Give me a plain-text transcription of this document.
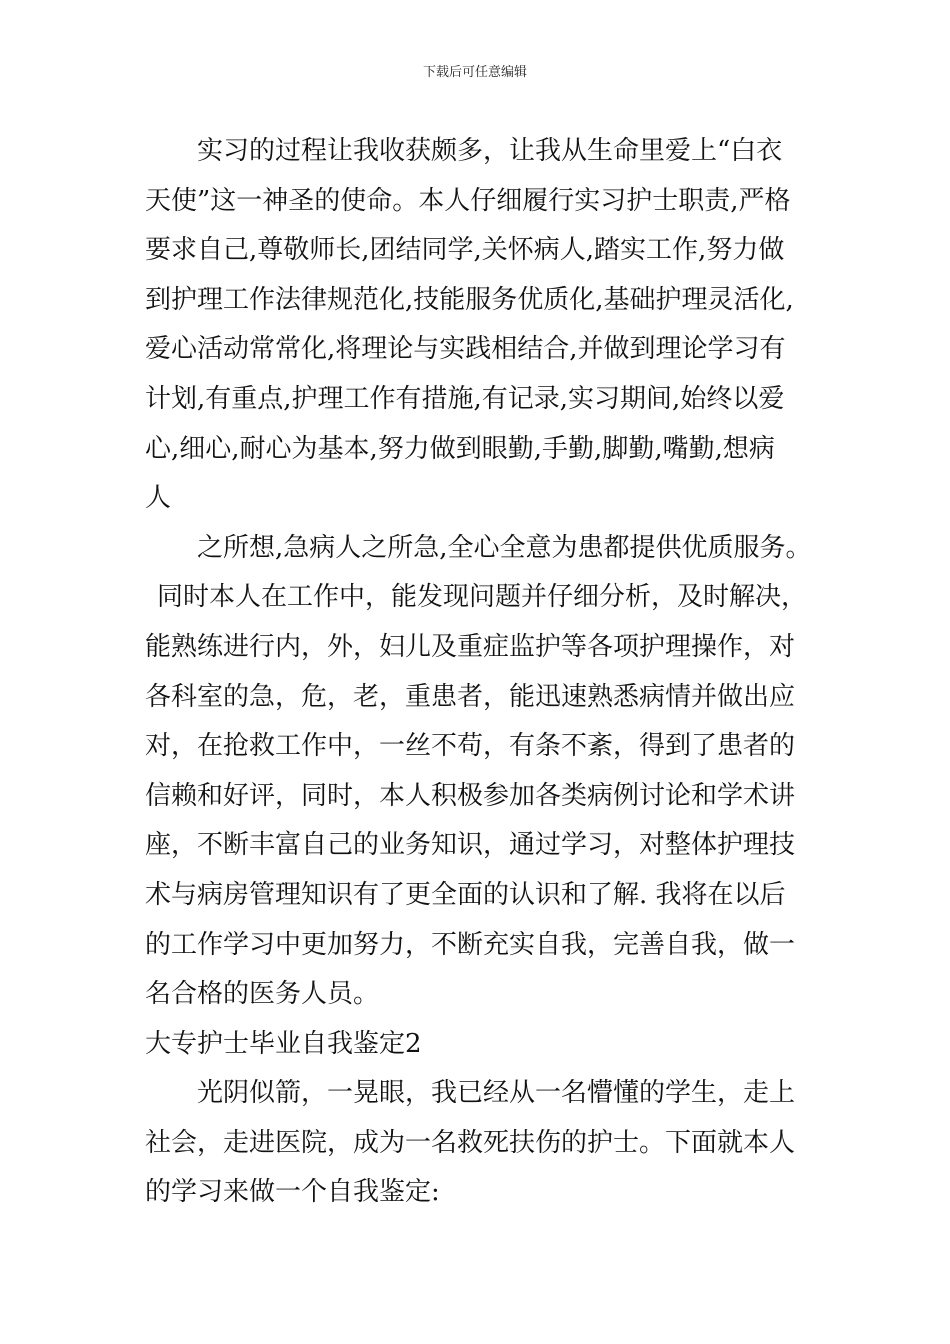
下载后可任意编辑
实习的过程让我收获颇多，让我从生命里爱上“白衣
天使”这一神圣的使命。本人仔细履行实习护士职责,严格
要求自己,尊敬师长,团结同学,关怀病人,踏实工作,努力做
到护理工作法律规范化,技能服务优质化,基础护理灵活化,
爱心活动常常化,将理论与实践相结合,并做到理论学习有
计划,有重点,护理工作有措施,有记录,实习期间,始终以爱
心,细心,耐心为基本,努力做到眼勤,手勤,脚勤,嘴勤,想病
人
之所想,急病人之所急,全心全意为患都提供优质服务。
同时本人在工作中，能发现问题并仔细分析，及时解决，
能熟练进行内，外，妇儿及重症监护等各项护理操作，对
各科室的急，危，老，重患者，能迅速熟悉病情并做出应
对，在抢救工作中，一丝不苟，有条不紊，得到了患者的
信赖和好评，同时，本人积极参加各类病例讨论和学术讲
座，不断丰富自己的业务知识，通过学习，对整体护理技
术与病房管理知识有了更全面的认识和了解. 我将在以后
的工作学习中更加努力，不断充实自我，完善自我，做一
名合格的医务人员。
大专护士毕业自我鉴定2
光阴似箭，一晃眼，我已经从一名懵懂的学生，走上
社会，走进医院，成为一名救死扶伤的护士。下面就本人
的学习来做一个自我鉴定:
